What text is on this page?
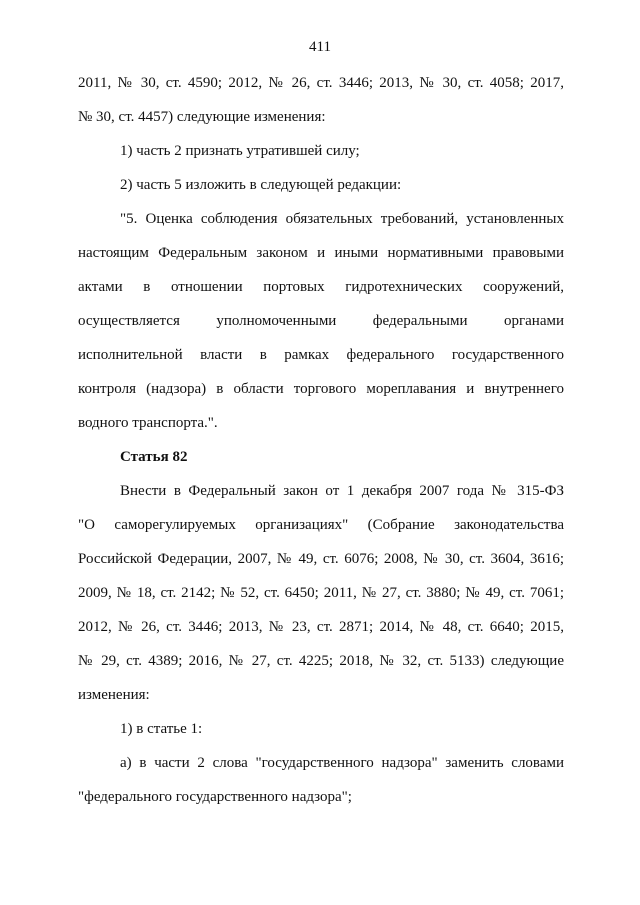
411

2011, № 30, ст. 4590; 2012, № 26, ст. 3446; 2013, № 30, ст. 4058; 2017,

№ 30, ст. 4457) следующие изменения:

1) часть 2 признать утратившей силу;

2) часть 5 изложить в следующей редакции:

"5. Оценка соблюдения обязательных требований, установленных

настоящим Федеральным законом и иными нормативными правовыми

актами в отношении портовых гидротехнических сооружений,

осуществляется уполномоченными федеральными органами

исполнительной власти в рамках федерального государственного

контроля (надзора) в области торгового мореплавания и внутреннего

водного транспорта.".

Статья 82

Внести в Федеральный закон от 1 декабря 2007 года № 315-ФЗ

"О саморегулируемых организациях" (Собрание законодательства

Российской Федерации, 2007, № 49, ст. 6076; 2008, № 30, ст. 3604, 3616;

2009, № 18, ст. 2142; № 52, ст. 6450; 2011, № 27, ст. 3880; № 49, ст. 7061;

2012, № 26, ст. 3446; 2013, № 23, ст. 2871; 2014, № 48, ст. 6640; 2015,

№ 29, ст. 4389; 2016, № 27, ст. 4225; 2018, № 32, ст. 5133) следующие

изменения:

1) в статье 1:

а) в части 2 слова "государственного надзора" заменить словами

"федерального государственного надзора";
